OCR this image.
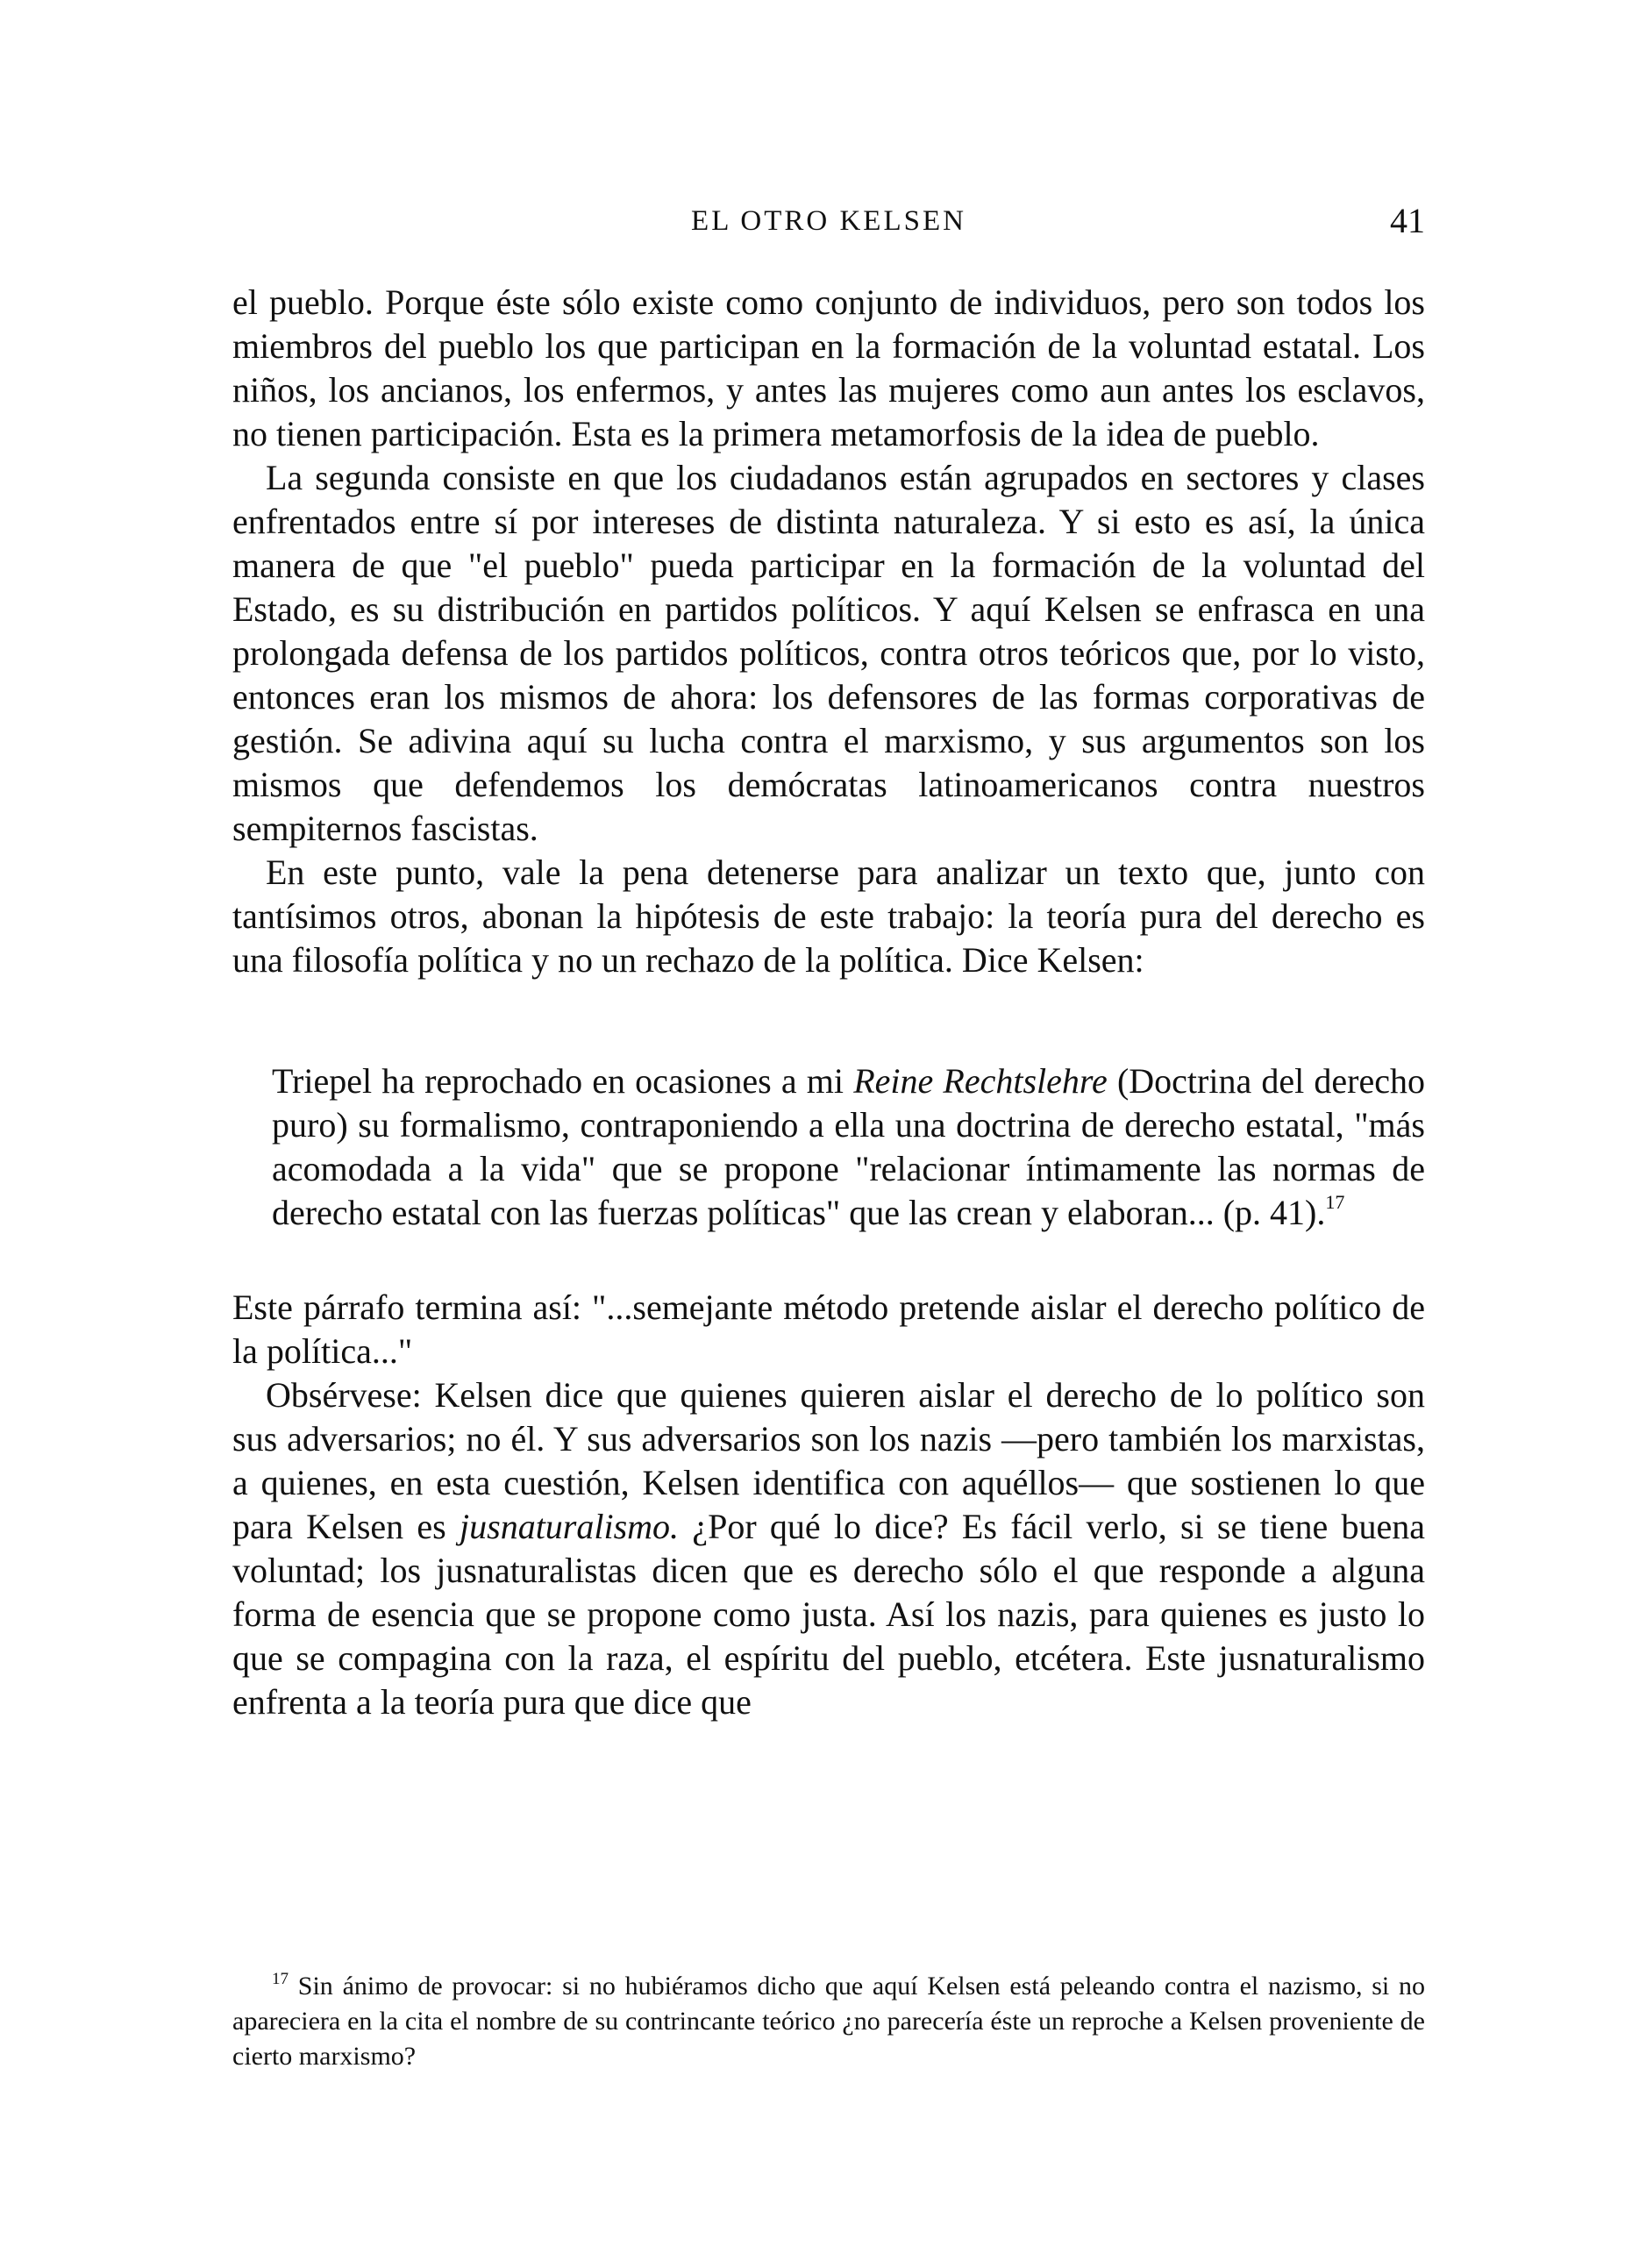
EL OTRO KELSEN	41

el pueblo. Porque éste sólo existe como conjunto de individuos, pero son todos los miembros del pueblo los que participan en la formación de la voluntad estatal. Los niños, los ancianos, los enfermos, y antes las mujeres como aun antes los esclavos, no tienen participación. Esta es la primera metamorfosis de la idea de pueblo.

La segunda consiste en que los ciudadanos están agrupados en sectores y clases enfrentados entre sí por intereses de distinta naturaleza. Y si esto es así, la única manera de que "el pueblo" pueda participar en la formación de la voluntad del Estado, es su distribución en partidos políticos. Y aquí Kelsen se enfrasca en una prolongada defensa de los partidos políticos, contra otros teóricos que, por lo visto, entonces eran los mismos de ahora: los defensores de las formas corporativas de gestión. Se adivina aquí su lucha contra el marxismo, y sus argumentos son los mismos que defendemos los demócratas latinoamericanos contra nuestros sempiternos fascistas.

En este punto, vale la pena detenerse para analizar un texto que, junto con tantísimos otros, abonan la hipótesis de este trabajo: la teoría pura del derecho es una filosofía política y no un rechazo de la política. Dice Kelsen:

Triepel ha reprochado en ocasiones a mi Reine Rechtslehre (Doctrina del derecho puro) su formalismo, contraponiendo a ella una doctrina de derecho estatal, "más acomodada a la vida" que se propone "relacionar íntimamente las normas de derecho estatal con las fuerzas políticas" que las crean y elaboran... (p. 41).$^{17}$

Este párrafo termina así: "...semejante método pretende aislar el derecho político de la política..."

Obsérvese: Kelsen dice que quienes quieren aislar el derecho de lo político son sus adversarios; no él. Y sus adversarios son los nazis —pero también los marxistas, a quienes, en esta cuestión, Kelsen identifica con aquéllos— que sostienen lo que para Kelsen es jusnaturalismo. ¿Por qué lo dice? Es fácil verlo, si se tiene buena voluntad; los jusnaturalistas dicen que es derecho sólo el que responde a alguna forma de esencia que se propone como justa. Así los nazis, para quienes es justo lo que se compagina con la raza, el espíritu del pueblo, etcétera. Este jusnaturalismo enfrenta a la teoría pura que dice que

$^{17}$ Sin ánimo de provocar: si no hubiéramos dicho que aquí Kelsen está peleando contra el nazismo, si no apareciera en la cita el nombre de su contrincante teórico ¿no parecería éste un reproche a Kelsen proveniente de cierto marxismo?
